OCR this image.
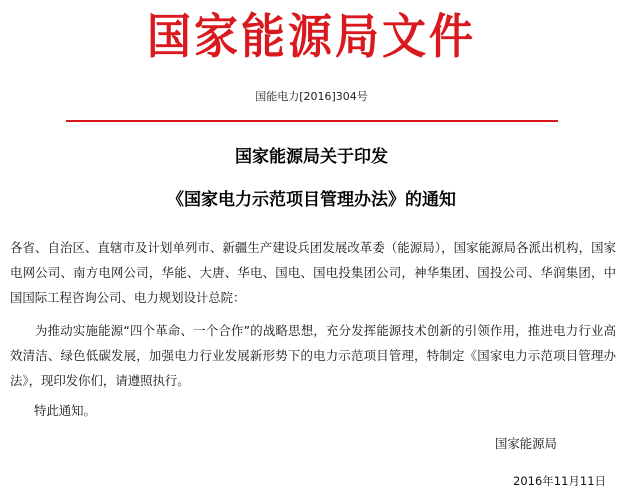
国家能源局文件
国能电力[2016]304号
国家能源局关于印发
《国家电力示范项目管理办法》的通知
各省、自治区、直辖市及计划单列市、新疆生产建设兵团发展改革委（能源局），国家能源局各派出机构，国家电网公司、南方电网公司，华能、大唐、华电、国电、国电投集团公司，神华集团、国投公司、华润集团，中国国际工程咨询公司、电力规划设计总院：
为推动实施能源“四个革命、一个合作”的战略思想，充分发挥能源技术创新的引领作用，推进电力行业高效清洁、绿色低碳发展，加强电力行业发展新形势下的电力示范项目管理，特制定《国家电力示范项目管理办法》，现印发你们，请遵照执行。
特此通知。
国家能源局
2016年11月11日
